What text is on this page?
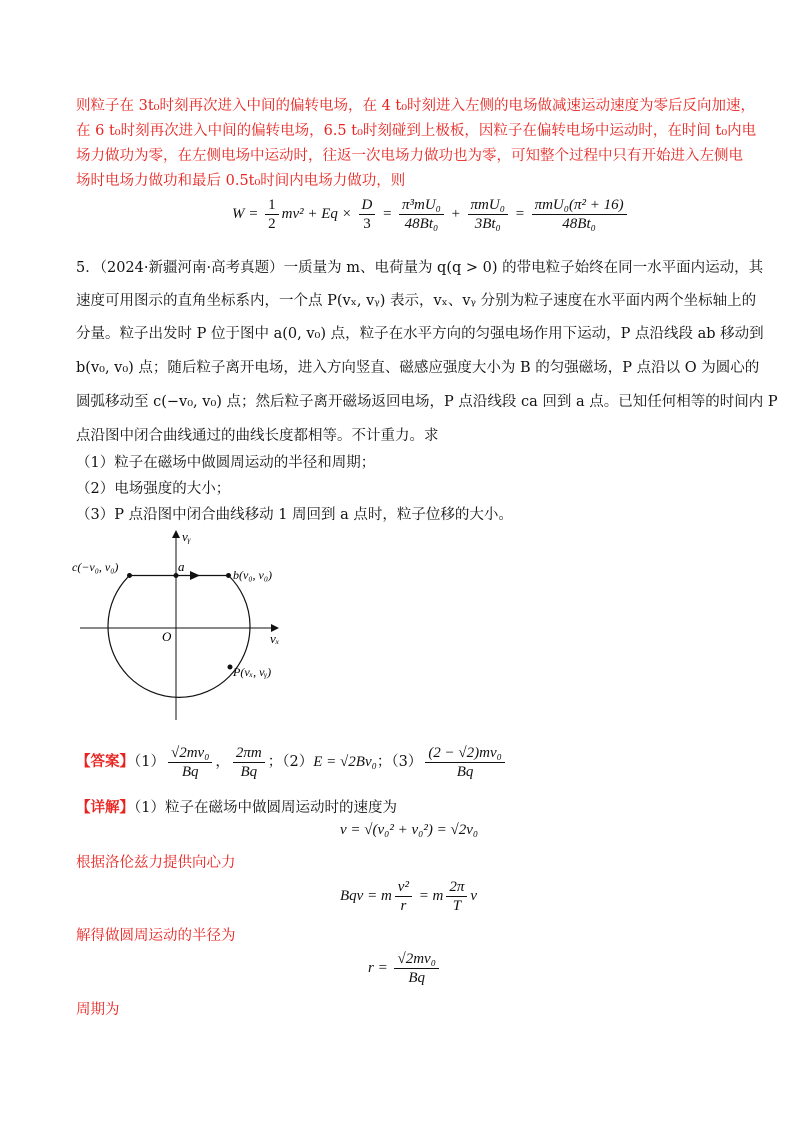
则粒子在 3t₀时刻再次进入中间的偏转电场，在 4 t₀时刻进入左侧的电场做减速运动速度为零后反向加速，
在 6 t₀时刻再次进入中间的偏转电场，6.5 t₀时刻碰到上极板，因粒子在偏转电场中运动时，在时间 t₀内电
场力做功为零，在左侧电场中运动时，往返一次电场力做功也为零，可知整个过程中只有开始进入左侧电
场时电场力做功和最后 0.5t₀时间内电场力做功，则
$W = \frac{1}{2} mv^2 + Eq \times \frac{D}{3} = \frac{\text{π³mU₀}}{\text{48Bt₀}} + \frac{\text{πmU₀}}{\text{3Bt₀}} = \frac{\text{πmU₀(π² + 16)}}{\text{48Bt₀}}$
5．（2024·新疆河南·高考真题）一质量为 m、电荷量为 q(q > 0) 的带电粒子始终在同一水平面内运动，其
速度可用图示的直角坐标系内，一个点 P(vₓ, vᵧ) 表示，vₓ、vᵧ 分别为粒子速度在水平面内两个坐标轴上的
分量。粒子出发时 P 位于图中 a(0, v₀) 点，粒子在水平方向的匀强电场作用下运动，P 点沿线段 ab 移动到
b(v₀, v₀) 点；随后粒子离开电场，进入方向竖直、磁感应强度大小为 B 的匀强磁场，P 点沿以 O 为圆心的
圆弧移动至 c(−v₀, v₀) 点；然后粒子离开磁场返回电场，P 点沿线段 ca 回到 a 点。已知任何相等的时间内 P
点沿图中闭合曲线通过的曲线长度都相等。不计重力。求
（1）粒子在磁场中做圆周运动的半径和周期；
（2）电场强度的大小；
（3）P 点沿图中闭合曲线移动 1 周回到 a 点时，粒子位移的大小。
vᵧ
vₓ
O
a
c(−v₀, v₀)
b(v₀, v₀)
P(vₓ, vᵧ)
【答案】$(1) \frac{\text{√2mv₀}}{Bq}$ ， $\frac{2\pi m}{Bq}$ ；（2）E = √2Bv₀；$(3) \frac{\text{(2 − √2)mv₀}}{Bq}$
【详解】（1）粒子在磁场中做圆周运动时的速度为
v = √(v₀² + v₀²) = √2v₀
根据洛伦兹力提供向心力
Bqv = m $\frac{\text{v²}}{r} = m \frac{2\pi}{T}$ v
解得做圆周运动的半径为
$r = \frac{\text{√2mv₀}}{Bq}$
周期为
